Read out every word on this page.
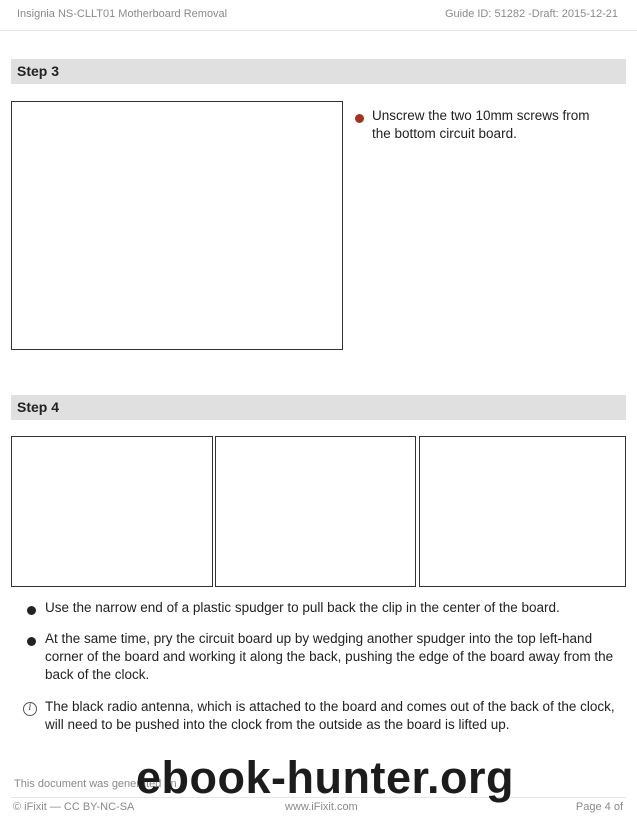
Insignia NS-CLLT01 Motherboard Removal	Guide ID: 51282 -Draft: 2015-12-21
Step 3
Unscrew the two 10mm screws from the bottom circuit board.
Step 4
Use the narrow end of a plastic spudger to pull back the clip in the center of the board.
At the same time, pry the circuit board up by wedging another spudger into the top left-hand corner of the board and working it along the back, pushing the edge of the board away from the back of the clock.
i The black radio antenna, which is attached to the board and comes out of the back of the clock, will need to be pushed into the clock from the outside as the board is lifted up.
This document was generated on
© iFixit — CC BY-NC-SA	www.iFixit.com	Page 4 of
ebook-hunter.org
